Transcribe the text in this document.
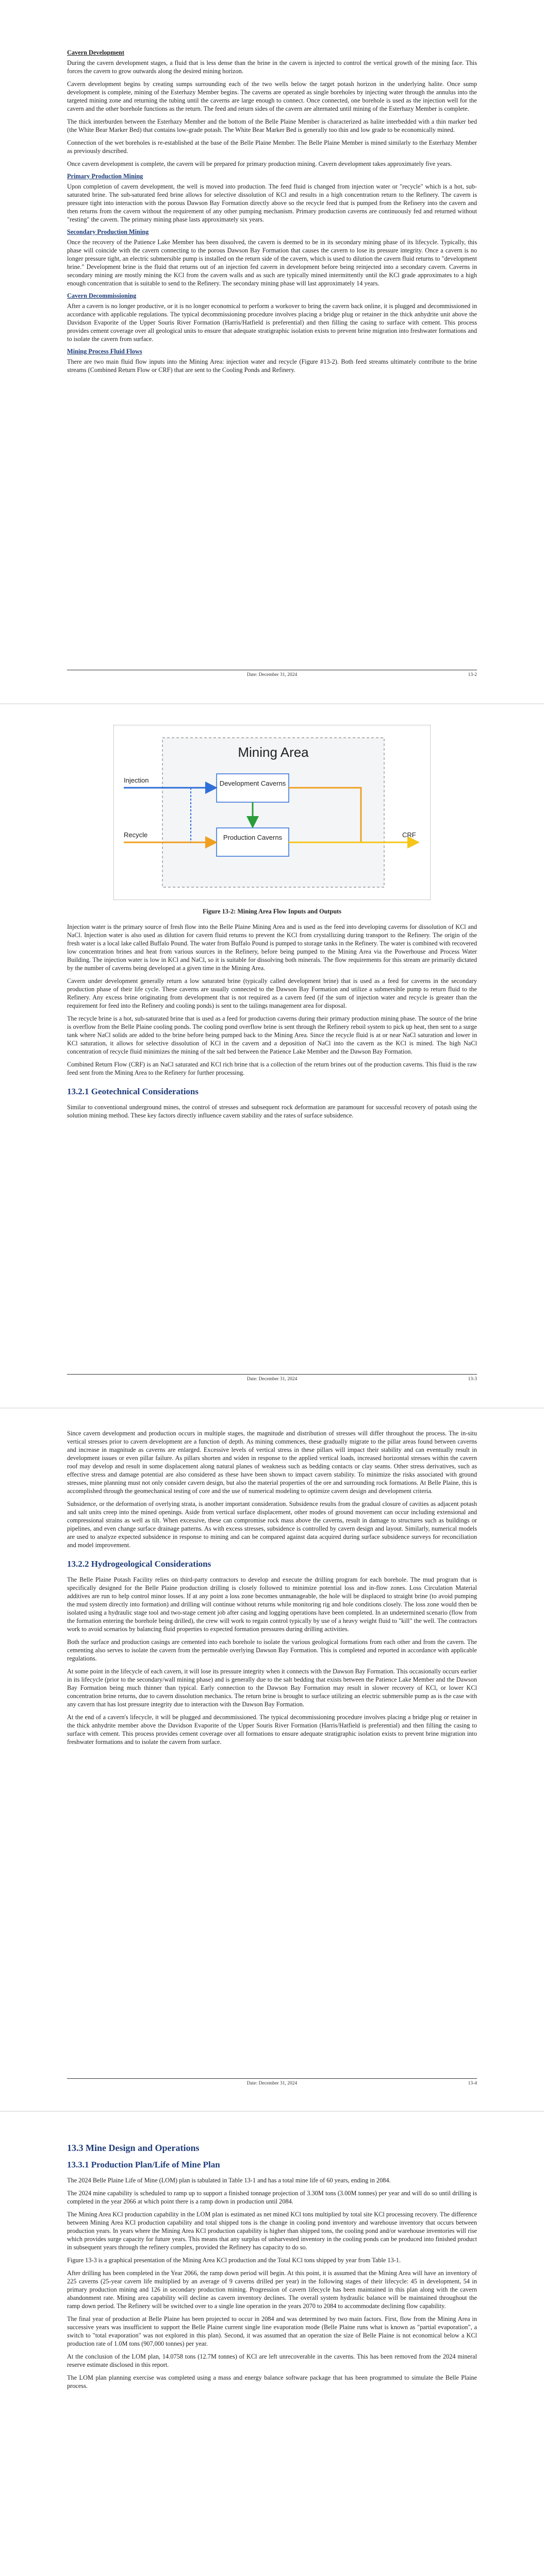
Cavern Development

During the cavern development stages, a fluid that is less dense than the brine in the cavern is injected to control the vertical growth of the mining face. This forces the cavern to grow outwards along the desired mining horizon.

Cavern development begins by creating sumps surrounding each of the two wells below the target potash horizon in the underlying halite. Once sump development is complete, mining of the Esterhazy Member begins. The caverns are operated as single boreholes by injecting water through the annulus into the targeted mining zone and returning the tubing until the caverns are large enough to connect. Once connected, one borehole is used as the injection well for the cavern and the other borehole functions as the return. The feed and return sides of the cavern are alternated until mining of the Esterhazy Member is complete.

The thick interburden between the Esterhazy Member and the bottom of the Belle Plaine Member is characterized as halite interbedded with a thin marker bed (the White Bear Marker Bed) that contains low-grade potash. The White Bear Marker Bed is generally too thin and low grade to be economically mined.

Connection of the wet boreholes is re-established at the base of the Belle Plaine Member. The Belle Plaine Member is mined similarly to the Esterhazy Member as previously described.

Once cavern development is complete, the cavern will be prepared for primary production mining. Cavern development takes approximately five years.

Primary Production Mining

Upon completion of cavern development, the well is moved into production. The feed fluid is changed from injection water or "recycle" which is a hot, sub-saturated brine. The sub-saturated feed brine allows for selective dissolution of KCl and results in a high concentration return to the Refinery. The cavern is pressure tight into interaction with the porous Dawson Bay Formation directly above so the recycle feed that is pumped from the Refinery into the cavern and then returns from the cavern without the requirement of any other pumping mechanism. Primary production caverns are continuously fed and returned without "resting" the cavern. The primary mining phase lasts approximately six years.

Secondary Production Mining

Once the recovery of the Patience Lake Member has been dissolved, the cavern is deemed to be in its secondary mining phase of its lifecycle. Typically, this phase will coincide with the cavern connecting to the porous Dawson Bay Formation that causes the cavern to lose its pressure integrity. Once a cavern is no longer pressure tight, an electric submersible pump is installed on the return side of the cavern, which is used to dilution the cavern fluid returns to "development brine." Development brine is the fluid that returns out of an injection fed cavern in development before being reinjected into a secondary cavern. Caverns in secondary mining are mostly mining the KCl from the cavern walls and as such are typically mined intermittently until the KCl grade approximates to a high enough concentration that is suitable to send to the Refinery. The secondary mining phase will last approximately 14 years.

Cavern Decommissioning

After a cavern is no longer productive, or it is no longer economical to perform a workover to bring the cavern back online, it is plugged and decommissioned in accordance with applicable regulations. The typical decommissioning procedure involves placing a bridge plug or retainer in the thick anhydrite unit above the Davidson Evaporite of the Upper Souris River Formation (Harris/Hatfield is preferential) and then filling the casing to surface with cement. This process provides cement coverage over all geological units to ensure that adequate stratigraphic isolation exists to prevent brine migration into freshwater formations and to isolate the cavern from surface.

Mining Process Fluid Flows

There are two main fluid flow inputs into the Mining Area: injection water and recycle (Figure #13-2). Both feed streams ultimately contribute to the brine streams (Combined Return Flow or CRF) that are sent to the Cooling Ponds and Refinery.

Date: December 31, 2024	13-2
Mining Area
Development Caverns
Production Caverns
Injection
Recycle	CRF

Figure 13-2: Mining Area Flow Inputs and Outputs

Injection water is the primary source of fresh flow into the Belle Plaine Mining Area and is used as the feed into developing caverns for dissolution of KCl and NaCl. Injection water is also used as dilution for cavern fluid returns to prevent the KCl from crystallizing during transport to the Refinery. The origin of the fresh water is a local lake called Buffalo Pound. The water from Buffalo Pound is pumped to storage tanks in the Refinery. The water is combined with recovered low concentration brines and heat from various sources in the Refinery, before being pumped to the Mining Area via the Powerhouse and Process Water Building. The injection water is low in KCl and NaCl, so it is suitable for dissolving both minerals. The flow requirements for this stream are primarily dictated by the number of caverns being developed at a given time in the Mining Area.

Cavern under development generally return a low saturated brine (typically called development brine) that is used as a feed for caverns in the secondary production phase of their life cycle. These caverns are usually connected to the Dawson Bay Formation and utilize a submersible pump to return fluid to the Refinery. Any excess brine originating from development that is not required as a cavern feed (if the sum of injection water and recycle is greater than the requirement for feed into the Refinery and cooling ponds) is sent to the tailings management area for disposal.

The recycle brine is a hot, sub-saturated brine that is used as a feed for production caverns during their primary production mining phase. The source of the brine is overflow from the Belle Plaine cooling ponds. The cooling pond overflow brine is sent through the Refinery reboil system to pick up heat, then sent to a surge tank where NaCl solids are added to the brine before being pumped back to the Mining Area. Since the recycle fluid is at or near NaCl saturation and lower in KCl saturation, it allows for selective dissolution of KCl in the cavern and a deposition of NaCl into the cavern as the KCl is mined. The high NaCl concentration of recycle fluid minimizes the mining of the salt bed between the Patience Lake Member and the Dawson Bay Formation.

Combined Return Flow (CRF) is an NaCl saturated and KCl rich brine that is a collection of the return brines out of the production caverns. This fluid is the raw feed sent from the Mining Area to the Refinery for further processing.

13.2.1 Geotechnical Considerations

Similar to conventional underground mines, the control of stresses and subsequent rock deformation are paramount for successful recovery of potash using the solution mining method. These key factors directly influence cavern stability and the rates of surface subsidence.

Date: December 31, 2024	13-3

Since cavern development and production occurs in multiple stages, the magnitude and distribution of stresses will differ throughout the process. The in-situ vertical stresses prior to cavern development are a function of depth. As mining commences, these gradually migrate to the pillar areas found between caverns and increase in magnitude as caverns are enlarged. Excessive levels of vertical stress in these pillars will impact their stability and can eventually result in development issues or even pillar failure. As pillars shorten and widen in response to the applied vertical loads, increased horizontal stresses within the cavern roof may develop and result in some displacement along natural planes of weakness such as bedding contacts or clay seams. Other stress derivatives, such as effective stress and damage potential are also considered as these have been shown to impact cavern stability. To minimize the risks associated with ground stresses, mine planning must not only consider cavern design, but also the material properties of the ore and surrounding rock formations. At Belle Plaine, this is accomplished through the geomechanical testing of core and the use of numerical modeling to optimize cavern design and development criteria.

Subsidence, or the deformation of overlying strata, is another important consideration. Subsidence results from the gradual closure of cavities as adjacent potash and salt units creep into the mined openings. Aside from vertical surface displacement, other modes of ground movement can occur including extensional and compressional strains as well as tilt. When excessive, these can compromise rock mass above the caverns, result in damage to structures such as buildings or pipelines, and even change surface drainage patterns. As with excess stresses, subsidence is controlled by cavern design and layout. Similarly, numerical models are used to analyze expected subsidence in response to mining and can be compared against data acquired during surface subsidence surveys for reconciliation and model improvement.

13.2.2 Hydrogeological Considerations

The Belle Plaine Potash Facility relies on third-party contractors to develop and execute the drilling program for each borehole. The mud program that is specifically designed for the Belle Plaine production drilling is closely followed to minimize potential loss and in-flow zones. Loss Circulation Material additives are run to help control minor losses. If at any point a loss zone becomes unmanageable, the hole will be displaced to straight brine (to avoid pumping the mud system directly into formation) and drilling will continue without returns while monitoring rig and hole conditions closely. The loss zone would then be isolated using a hydraulic stage tool and two-stage cement job after casing and logging operations have been completed. In an undetermined scenario (flow from the formation entering the borehole being drilled), the crew will work to regain control typically by use of a heavy weight fluid to "kill" the well. The contractors work to avoid scenarios by balancing fluid properties to expected formation pressures during drilling activities.

Both the surface and production casings are cemented into each borehole to isolate the various geological formations from each other and from the cavern. The cementing also serves to isolate the cavern from the permeable overlying Dawson Bay Formation. This is completed and reported in accordance with applicable regulations.

At some point in the lifecycle of each cavern, it will lose its pressure integrity when it connects with the Dawson Bay Formation. This occasionally occurs earlier in its lifecycle (prior to the secondary/wall mining phase) and is generally due to the salt bedding that exists between the Patience Lake Member and the Dawson Bay Formation being much thinner than typical. Early connection to the Dawson Bay Formation may result in slower recovery of KCl, or lower KCl concentration brine returns, due to cavern dissolution mechanics. The return brine is brought to surface utilizing an electric submersible pump as is the case with any cavern that has lost pressure integrity due to interaction with the Dawson Bay Formation.

At the end of a cavern's lifecycle, it will be plugged and decommissioned. The typical decommissioning procedure involves placing a bridge plug or retainer in the thick anhydrite member above the Davidson Evaporite of the Upper Souris River Formation (Harris/Hatfield is preferential) and then filling the casing to surface with cement. This process provides cement coverage over all formations to ensure adequate stratigraphic isolation exists to prevent brine migration into freshwater formations and to isolate the cavern from surface.

Date: December 31, 2024	13-4

13.3 Mine Design and Operations

13.3.1 Production Plan/Life of Mine Plan

The 2024 Belle Plaine Life of Mine (LOM) plan is tabulated in Table 13-1 and has a total mine life of 60 years, ending in 2084.

The 2024 mine capability is scheduled to ramp up to support a finished tonnage projection of 3.30M tons (3.00M tonnes) per year and will do so until drilling is completed in the year 2066 at which point there is a ramp down in production until 2084.

The Mining Area KCl production capability in the LOM plan is estimated as net mined KCl tons multiplied by total site KCl processing recovery. The difference between Mining Area KCl production capability and total shipped tons is the change in cooling pond inventory and warehouse inventory that occurs between production years. In years where the Mining Area KCl production capability is higher than shipped tons, the cooling pond and/or warehouse inventories will rise which provides surge capacity for future years. This means that any surplus of unharvested inventory in the cooling ponds can be produced into finished product in subsequent years through the refinery complex, provided the Refinery has capacity to do so.

Figure 13-3 is a graphical presentation of the Mining Area KCl production and the Total KCl tons shipped by year from Table 13-1.

After drilling has been completed in the Year 2066, the ramp down period will begin. At this point, it is assumed that the Mining Area will have an inventory of 225 caverns (25-year cavern life multiplied by an average of 9 caverns drilled per year) in the following stages of their lifecycle: 45 in development, 54 in primary production mining and 126 in secondary production mining. Progression of cavern lifecycle has been maintained in this plan along with the cavern abandonment rate. Mining area capability will decline as cavern inventory declines. The overall system hydraulic balance will be maintained throughout the ramp down period. The Refinery will be switched over to a single line operation in the years 2070 to 2084 to accommodate declining flow capability.

The final year of production at Belle Plaine has been projected to occur in 2084 and was determined by two main factors. First, flow from the Mining Area in successive years was insufficient to support the Belle Plaine current single line evaporation mode (Belle Plaine runs what is known as "partial evaporation", a switch to "total evaporation" was not explored in this plan). Second, it was assumed that an operation the size of Belle Plaine is not economical below a KCl production rate of 1.0M tons (907,000 tonnes) per year.

At the conclusion of the LOM plan, 14.0758 tons (12.7M tonnes) of KCl are left unrecoverable in the caverns. This has been removed from the 2024 mineral reserve estimate disclosed in this report.

The LOM plan planning exercise was completed using a mass and energy balance software package that has been programmed to simulate the Belle Plaine process.
